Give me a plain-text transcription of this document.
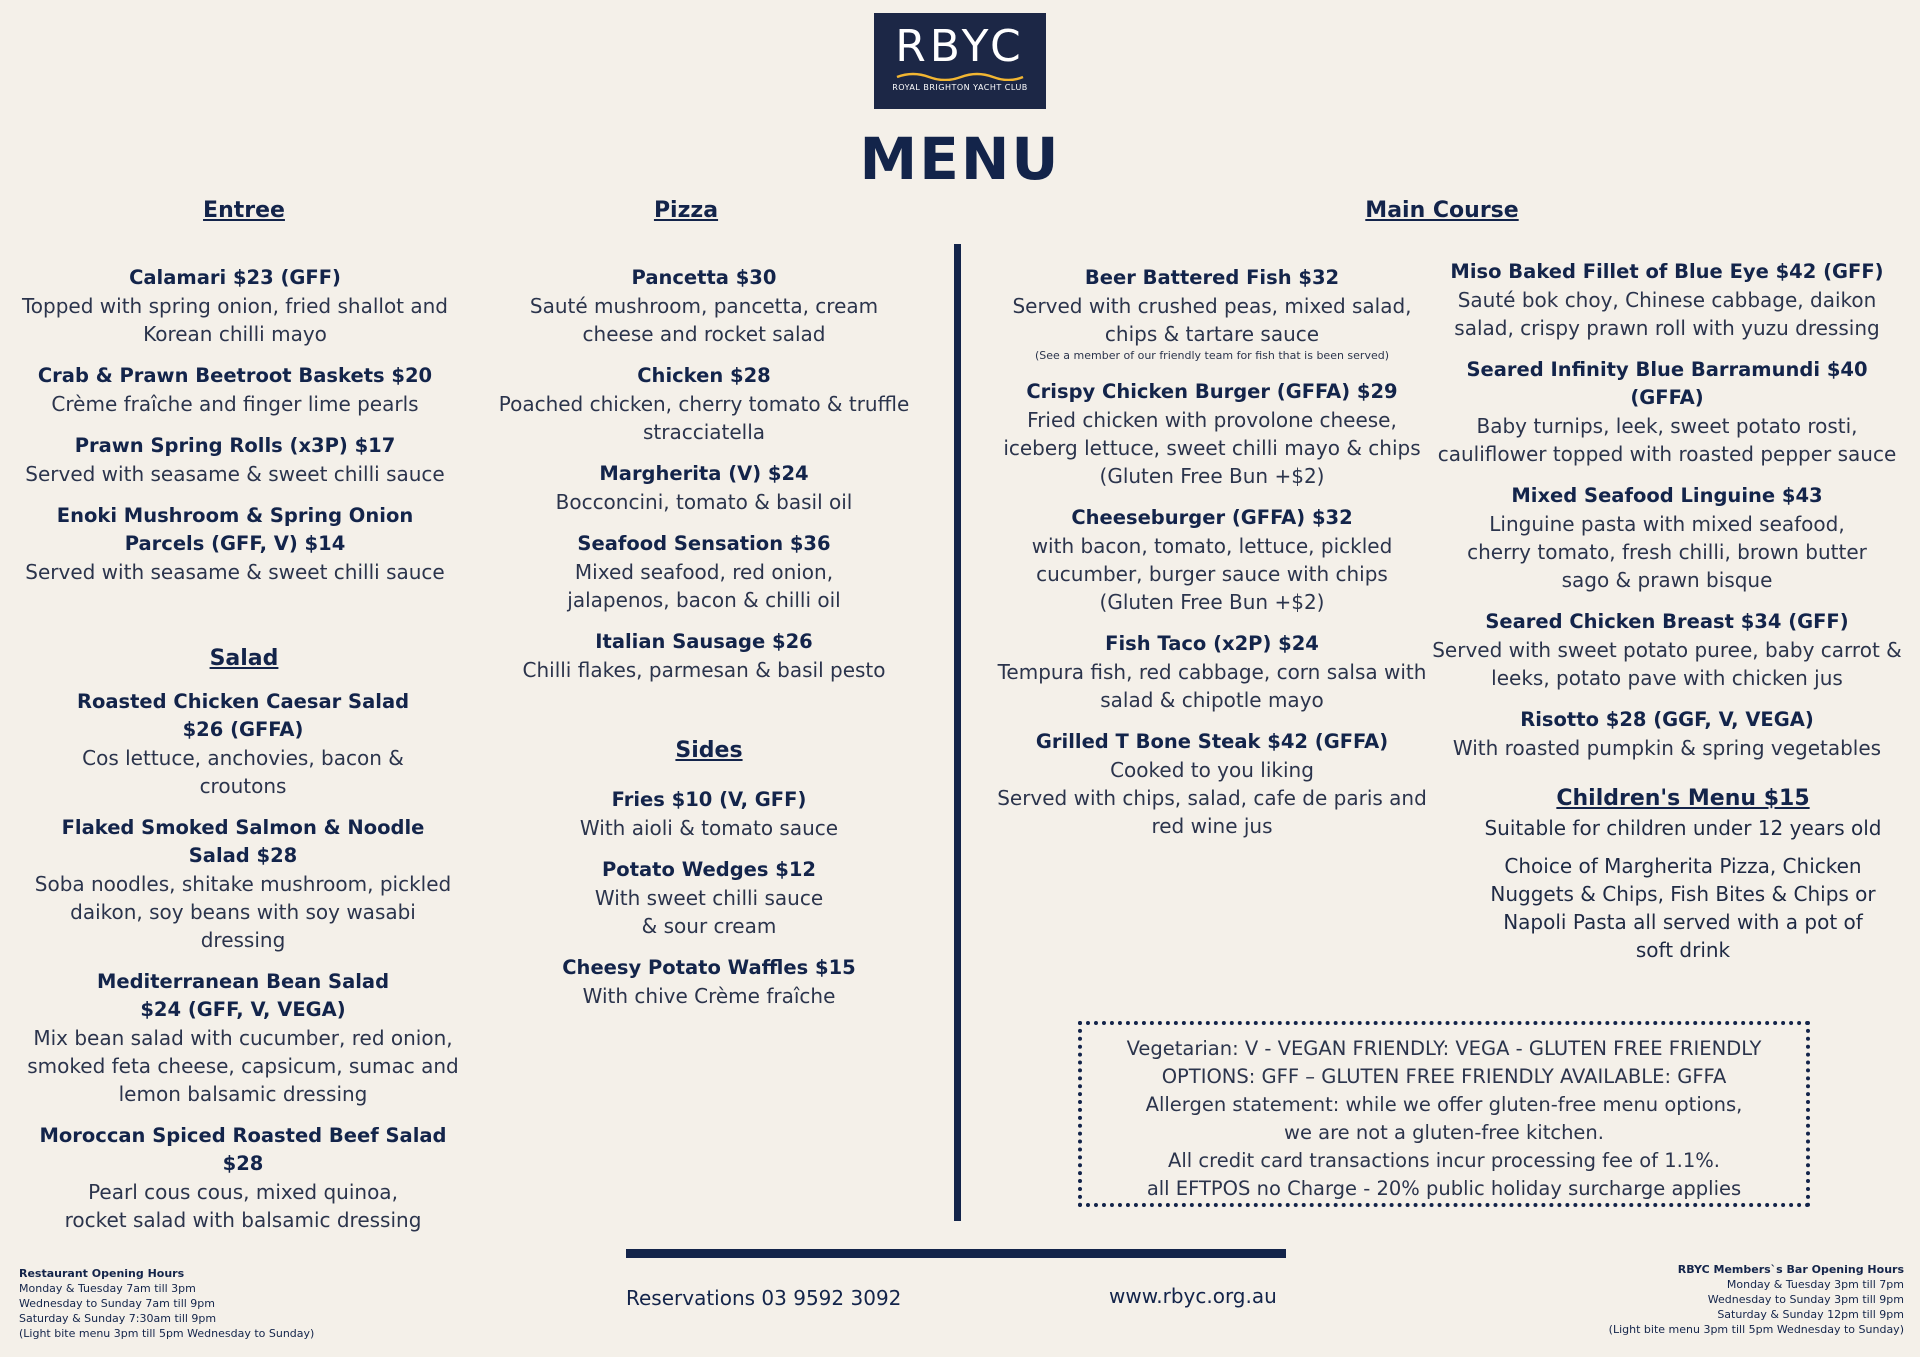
RBYC
ROYAL BRIGHTON YACHT CLUB
MENU
Entree	Pizza	Main Course
Calamari $23 (GFF)
Topped with spring onion, fried shallot and Korean chilli mayo
Crab & Prawn Beetroot Baskets $20
Crème fraîche and finger lime pearls
Prawn Spring Rolls (x3P) $17
Served with seasame & sweet chilli sauce
Enoki Mushroom & Spring Onion Parcels (GFF, V) $14
Served with seasame & sweet chilli sauce
Salad
Roasted Chicken Caesar Salad $26 (GFFA)
Cos lettuce, anchovies, bacon & croutons
Flaked Smoked Salmon & Noodle Salad $28
Soba noodles, shitake mushroom, pickled daikon, soy beans with soy wasabi dressing
Mediterranean Bean Salad $24 (GFF, V, VEGA)
Mix bean salad with cucumber, red onion, smoked feta cheese, capsicum, sumac and lemon balsamic dressing
Moroccan Spiced Roasted Beef Salad $28
Pearl cous cous, mixed quinoa, rocket salad with balsamic dressing
Pancetta $30
Sauté mushroom, pancetta, cream cheese and rocket salad
Chicken $28
Poached chicken, cherry tomato & truffle stracciatella
Margherita (V) $24
Bocconcini, tomato & basil oil
Seafood Sensation $36
Mixed seafood, red onion, jalapenos, bacon & chilli oil
Italian Sausage $26
Chilli flakes, parmesan & basil pesto
Sides
Fries $10 (V, GFF)
With aioli & tomato sauce
Potato Wedges $12
With sweet chilli sauce & sour cream
Cheesy Potato Waffles $15
With chive Crème fraîche
Beer Battered Fish $32
Served with crushed peas, mixed salad, chips & tartare sauce
(See a member of our friendly team for fish that is been served)
Crispy Chicken Burger (GFFA) $29
Fried chicken with provolone cheese, iceberg lettuce, sweet chilli mayo & chips (Gluten Free Bun +$2)
Cheeseburger (GFFA) $32
with bacon, tomato, lettuce, pickled cucumber, burger sauce with chips (Gluten Free Bun +$2)
Fish Taco (x2P) $24
Tempura fish, red cabbage, corn salsa with salad & chipotle mayo
Grilled T Bone Steak $42 (GFFA)
Cooked to you liking
Served with chips, salad, cafe de paris and red wine jus
Miso Baked Fillet of Blue Eye $42 (GFF)
Sauté bok choy, Chinese cabbage, daikon salad, crispy prawn roll with yuzu dressing
Seared Infinity Blue Barramundi $40 (GFFA)
Baby turnips, leek, sweet potato rosti, cauliflower topped with roasted pepper sauce
Mixed Seafood Linguine $43
Linguine pasta with mixed seafood, cherry tomato, fresh chilli, brown butter sago & prawn bisque
Seared Chicken Breast $34 (GFF)
Served with sweet potato puree, baby carrot & leeks, potato pave with chicken jus
Risotto $28 (GGF, V, VEGA)
With roasted pumpkin & spring vegetables
Children's Menu $15
Suitable for children under 12 years old
Choice of Margherita Pizza, Chicken Nuggets & Chips, Fish Bites & Chips or Napoli Pasta all served with a pot of soft drink
Vegetarian: V - VEGAN FRIENDLY: VEGA - GLUTEN FREE FRIENDLY
OPTIONS: GFF – GLUTEN FREE FRIENDLY AVAILABLE: GFFA
Allergen statement: while we offer gluten-free menu options,
we are not a gluten-free kitchen.
All credit card transactions incur processing fee of 1.1%.
all EFTPOS no Charge - 20% public holiday surcharge applies
Reservations 03 9592 3092	www.rbyc.org.au
Restaurant Opening Hours
Monday & Tuesday 7am till 3pm
Wednesday to Sunday 7am till 9pm
Saturday & Sunday 7:30am till 9pm
(Light bite menu 3pm till 5pm Wednesday to Sunday)
RBYC Members`s Bar Opening Hours
Monday & Tuesday 3pm till 7pm
Wednesday to Sunday 3pm till 9pm
Saturday & Sunday 12pm till 9pm
(Light bite menu 3pm till 5pm Wednesday to Sunday)
